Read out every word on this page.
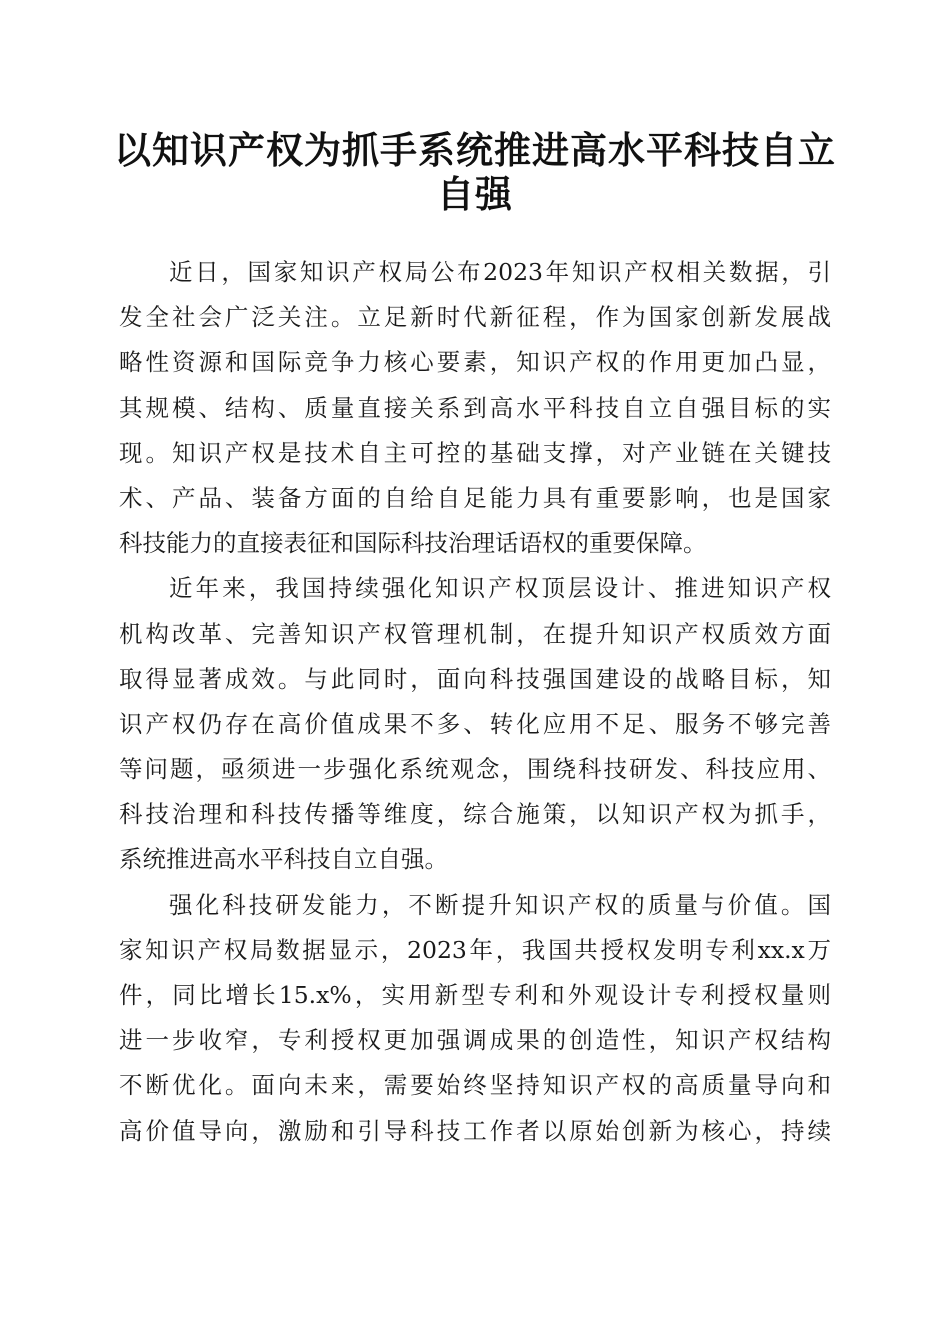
以知识产权为抓手系统推进高水平科技自立自强

近日，国家知识产权局公布2023年知识产权相关数据，引
发全社会广泛关注。立足新时代新征程，作为国家创新发展战
略性资源和国际竞争力核心要素，知识产权的作用更加凸显，
其规模、结构、质量直接关系到高水平科技自立自强目标的实
现。知识产权是技术自主可控的基础支撑，对产业链在关键技
术、产品、装备方面的自给自足能力具有重要影响，也是国家
科技能力的直接表征和国际科技治理话语权的重要保障。

近年来，我国持续强化知识产权顶层设计、推进知识产权
机构改革、完善知识产权管理机制，在提升知识产权质效方面
取得显著成效。与此同时，面向科技强国建设的战略目标，知
识产权仍存在高价值成果不多、转化应用不足、服务不够完善
等问题，亟须进一步强化系统观念，围绕科技研发、科技应用、
科技治理和科技传播等维度，综合施策，以知识产权为抓手，
系统推进高水平科技自立自强。

强化科技研发能力，不断提升知识产权的质量与价值。国
家知识产权局数据显示，2023年，我国共授权发明专利xx.x万
件，同比增长15.x%，实用新型专利和外观设计专利授权量则
进一步收窄，专利授权更加强调成果的创造性，知识产权结构
不断优化。面向未来，需要始终坚持知识产权的高质量导向和
高价值导向，激励和引导科技工作者以原始创新为核心，持续
